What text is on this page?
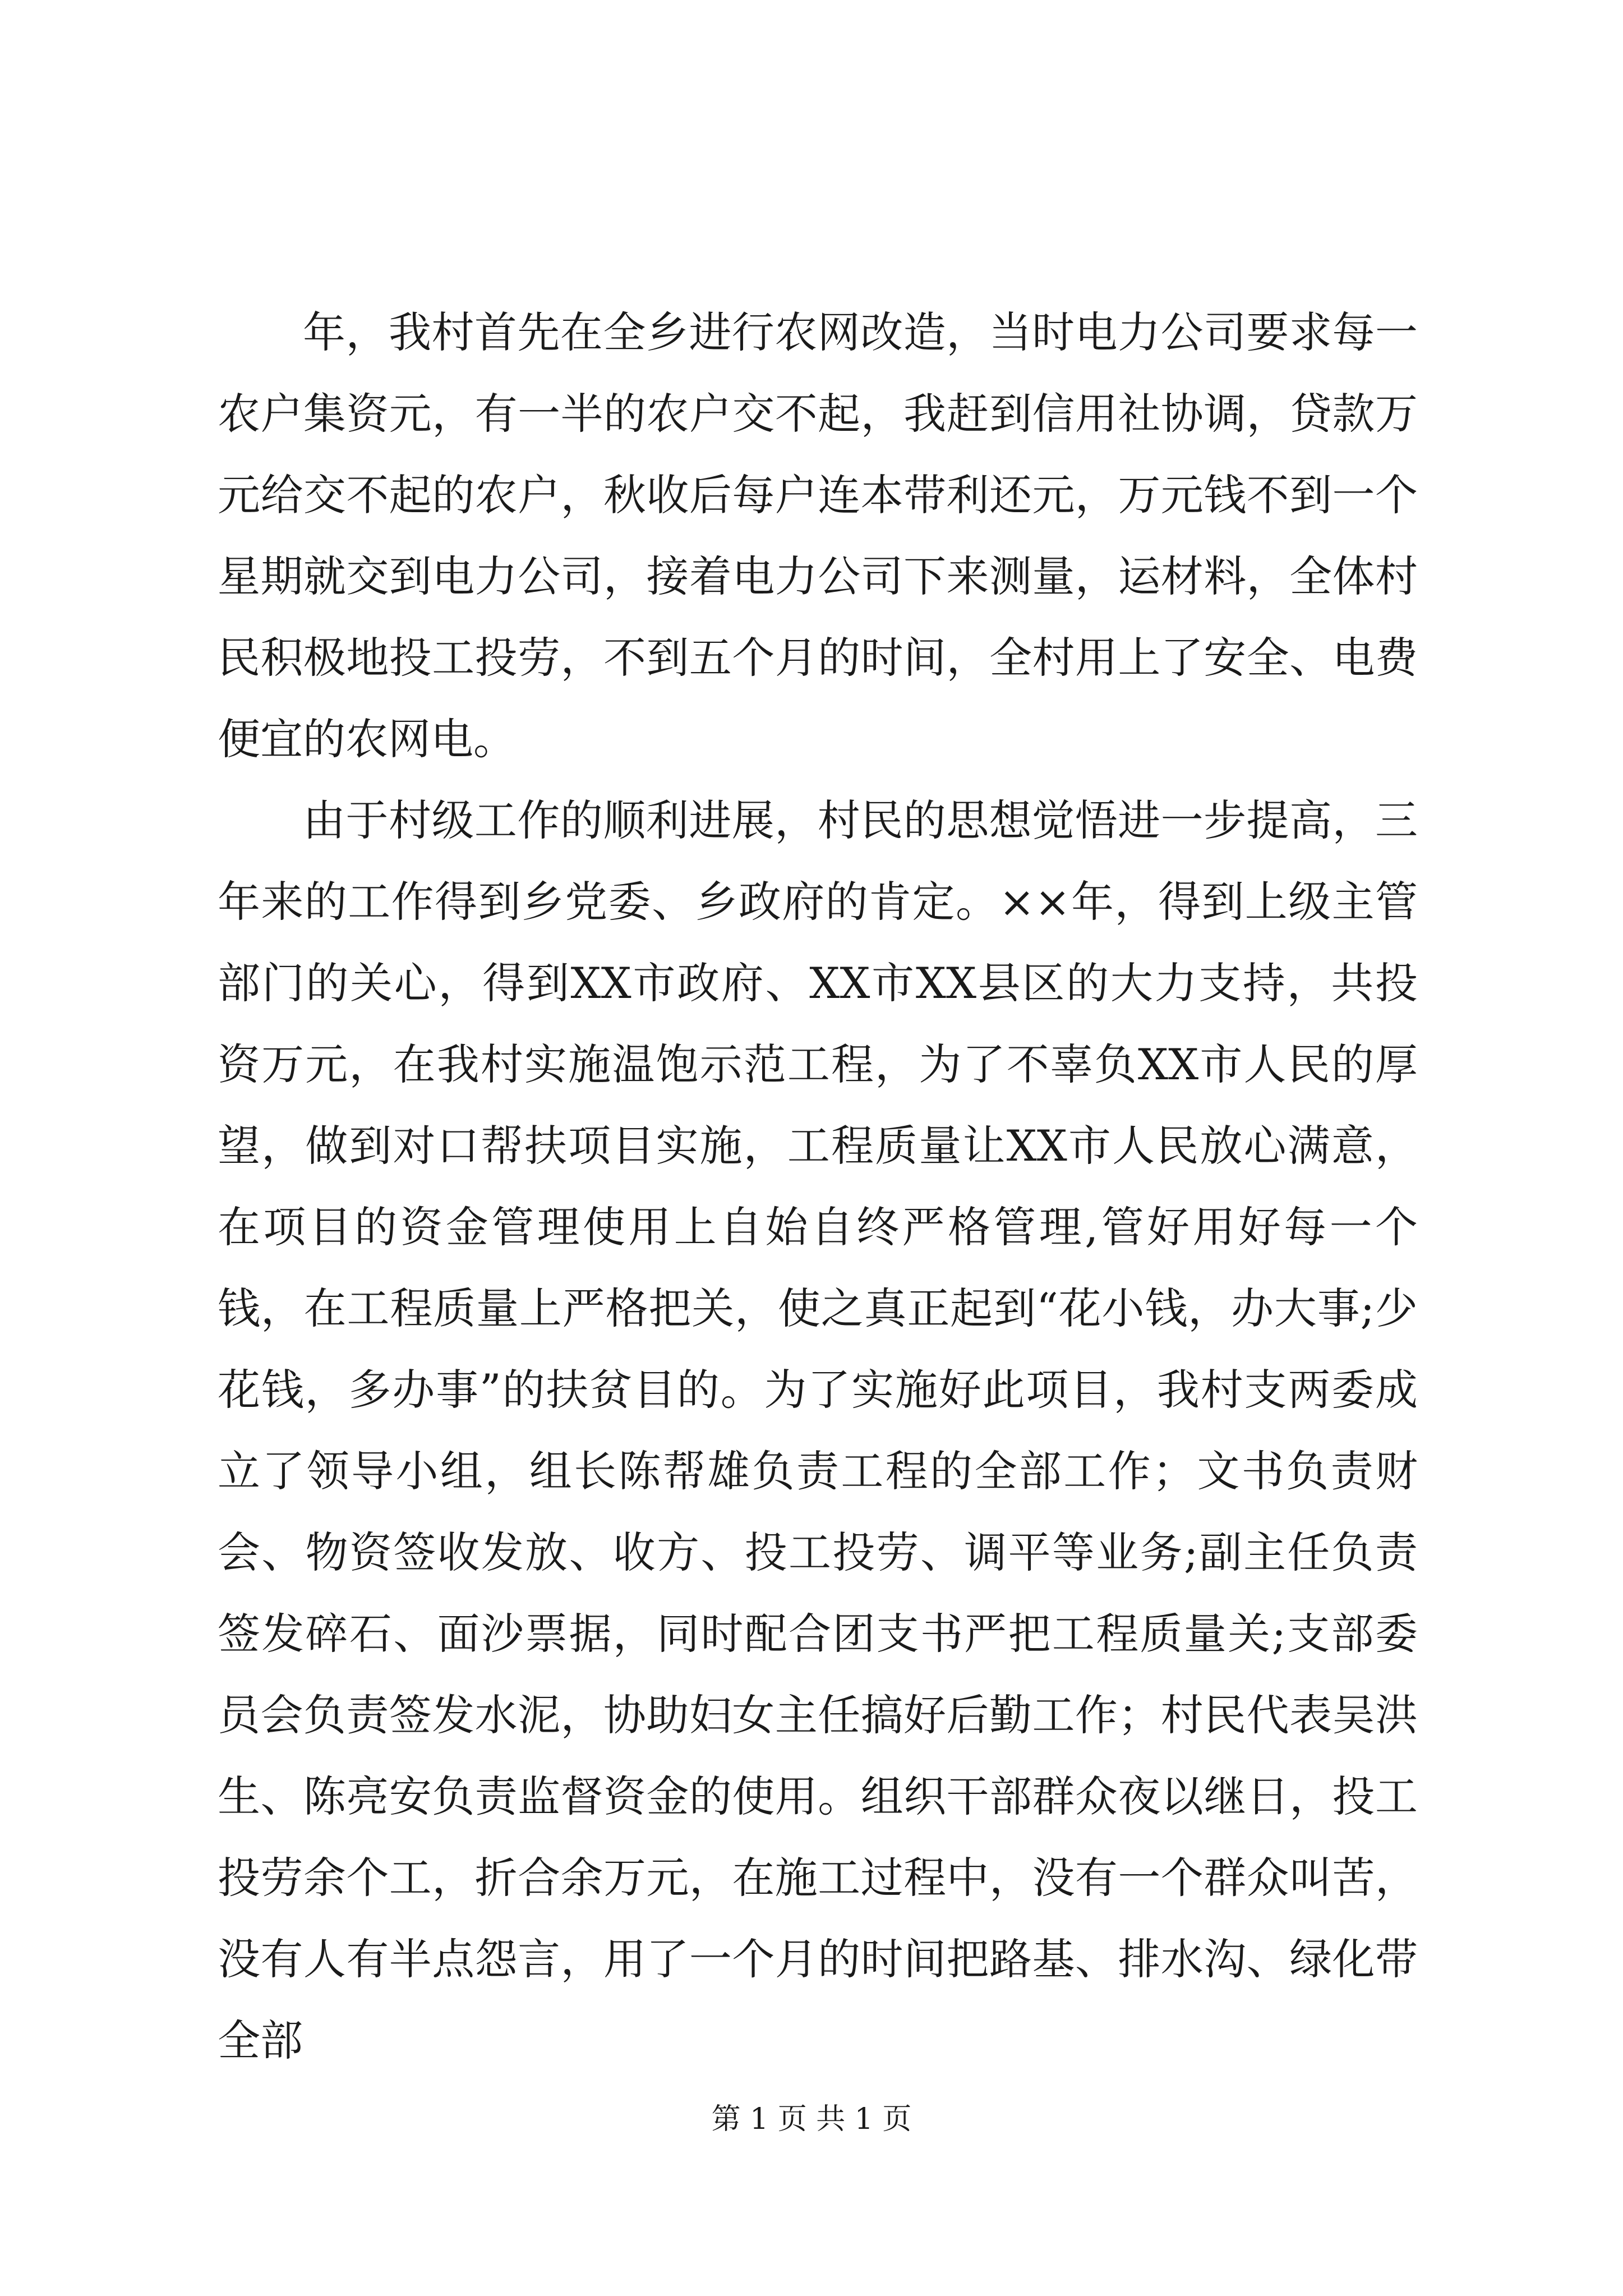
年，我村首先在全乡进行农网改造，当时电力公司要求每一农户集资元，有一半的农户交不起，我赶到信用社协调，贷款万元给交不起的农户，秋收后每户连本带利还元，万元钱不到一个星期就交到电力公司，接着电力公司下来测量，运材料，全体村民积极地投工投劳，不到五个月的时间，全村用上了安全、电费便宜的农网电。

由于村级工作的顺利进展，村民的思想觉悟进一步提高，三年来的工作得到乡党委、乡政府的肯定。××年，得到上级主管部门的关心，得到XX市政府、XX市XX县区的大力支持，共投资万元，在我村实施温饱示范工程，为了不辜负XX市人民的厚望，做到对口帮扶项目实施，工程质量让XX市人民放心满意，在项目的资金管理使用上自始自终严格管理,管好用好每一个钱，在工程质量上严格把关，使之真正起到“花小钱，办大事;少花钱，多办事”的扶贫目的。为了实施好此项目，我村支两委成立了领导小组，组长陈帮雄负责工程的全部工作；文书负责财会、物资签收发放、收方、投工投劳、调平等业务;副主任负责签发碎石、面沙票据，同时配合团支书严把工程质量关;支部委员会负责签发水泥，协助妇女主任搞好后勤工作；村民代表吴洪生、陈亮安负责监督资金的使用。组织干部群众夜以继日，投工投劳余个工，折合余万元，在施工过程中，没有一个群众叫苦，没有人有半点怨言，用了一个月的时间把路基、排水沟、绿化带全部

第 1 页 共 1 页
